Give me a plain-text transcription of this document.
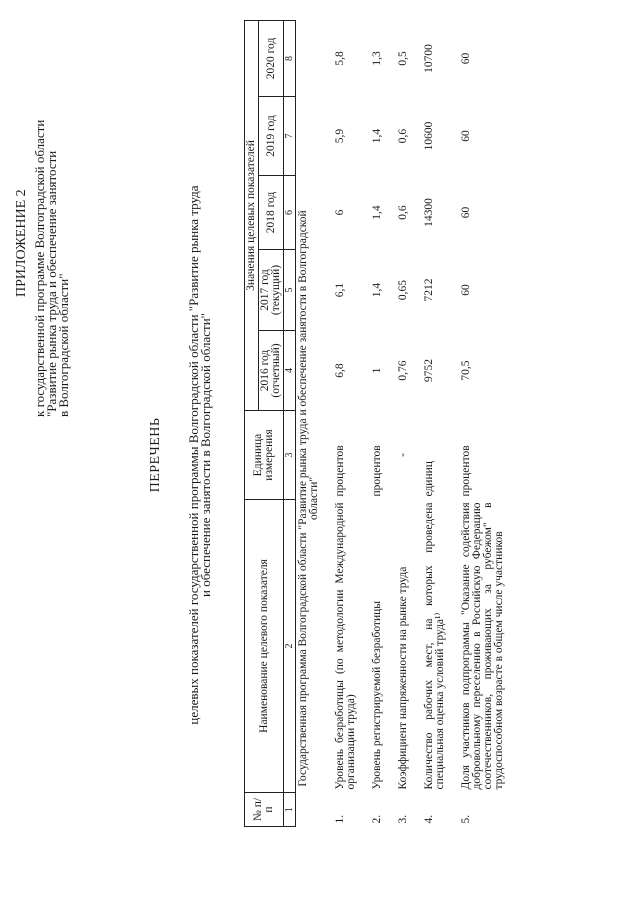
ПРИЛОЖЕНИЕ 2 к государственной программе Волгоградской области
"Развитие рынка труда и обеспечение занятости
в Волгоградской области"
ПЕРЕЧЕНЬ целевых показателей государственной программы Волгоградской области "Развитие рынка труда
и обеспечение занятости в Волгоградской области"
№ п/п	Наименование целевого показателя	Единица измерения	Значения целевых показателей				
			2016 год (отчетный)	2017 год (текущий)	2018 год	2019 год	2020 год
1	2	3	4	5	6	7	8
Государственная программа Волгоградской области "Развитие рынка труда и обеспечение занятости в Волгоградской области"							
1.	Уровень безработицы (по методологии Международной организации труда)	процентов	6,8	6,1	6	5,9	5,8
2.	Уровень регистрируемой безработицы	процентов	1	1,4	1,4	1,4	1,3
3.	Коэффициент напряженности на рынке труда	-	0,76	0,65	0,6	0,6	0,5
4.	Количество рабочих мест, на которых проведена специальная оценка условий труда¹⁾	единиц	9752	7212	14300	10600	10700
5.	Доля участников подпрограммы "Оказание содействия добровольному переселению в Российскую Федерацию соотечественников, проживающих за рубежом" в трудоспособном возрасте в общем числе участников	процентов	70,5	60	60	60	60
